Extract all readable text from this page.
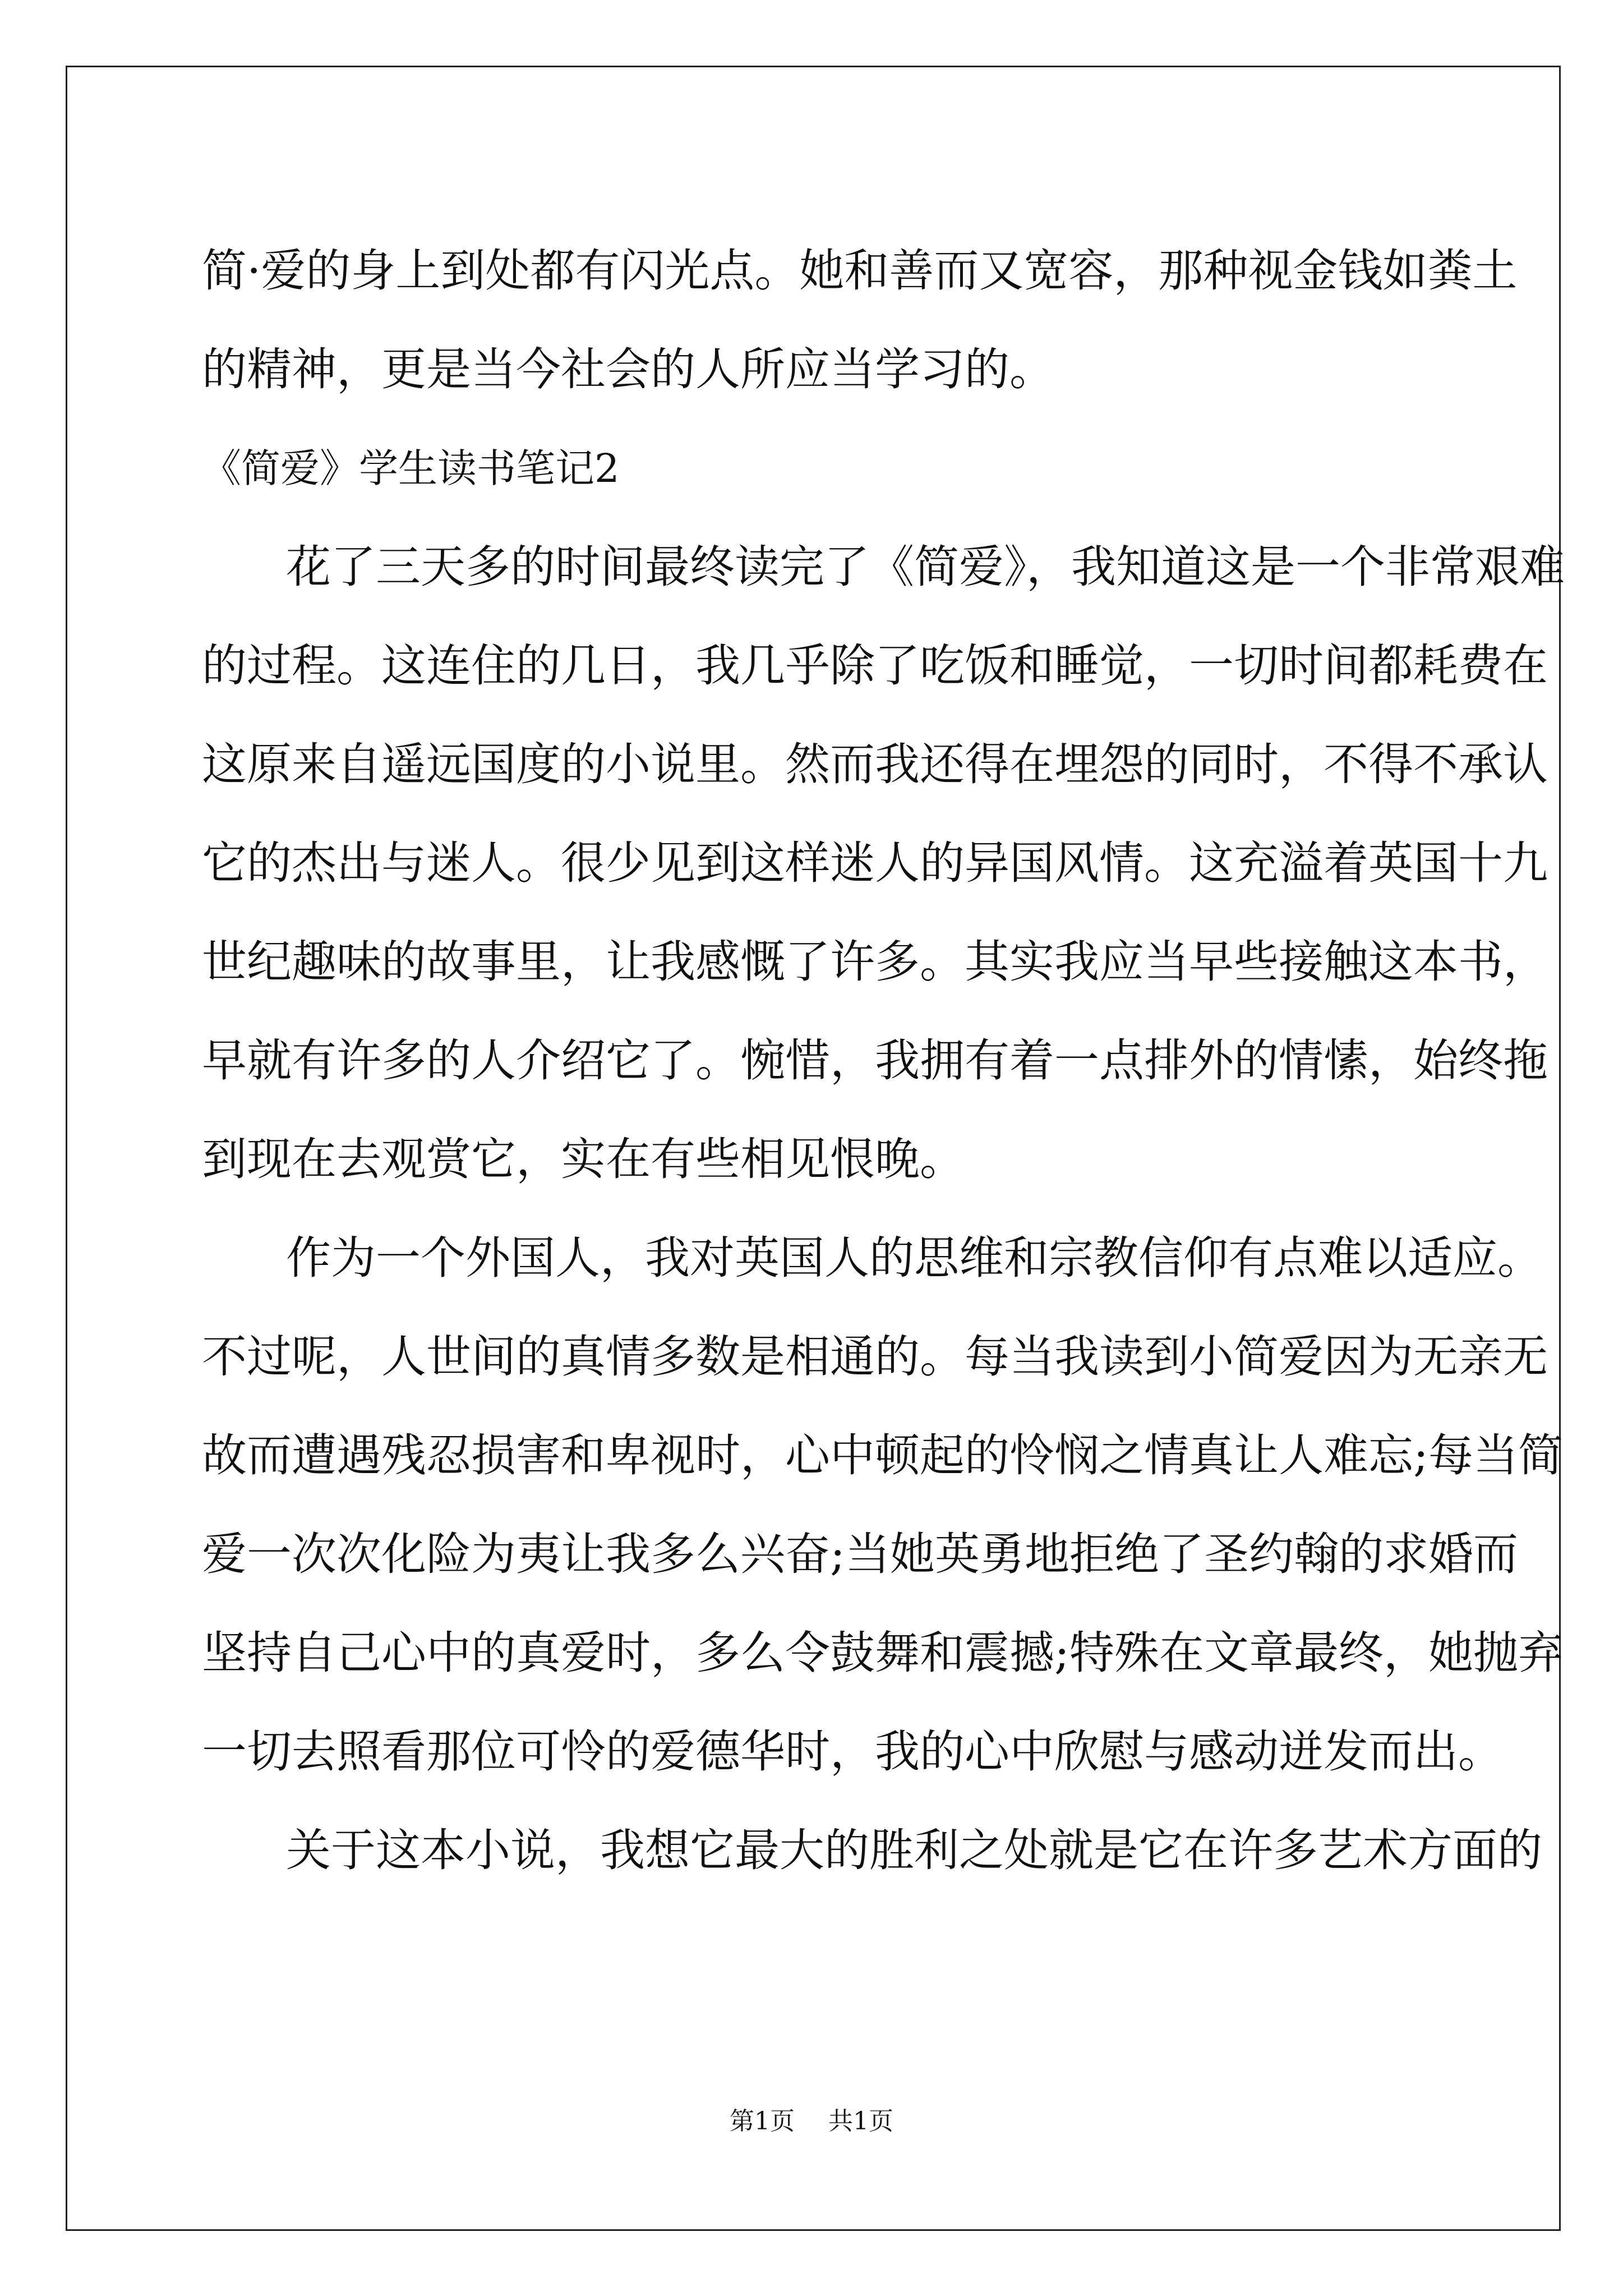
简·爱的身上到处都有闪光点。她和善而又宽容，那种视金钱如粪土
的精神，更是当今社会的人所应当学习的。
《简爱》学生读书笔记2
花了三天多的时间最终读完了《简爱》，我知道这是一个非常艰难
的过程。这连住的几日，我几乎除了吃饭和睡觉，一切时间都耗费在
这原来自遥远国度的小说里。然而我还得在埋怨的同时，不得不承认
它的杰出与迷人。很少见到这样迷人的异国风情。这充溢着英国十九
世纪趣味的故事里，让我感慨了许多。其实我应当早些接触这本书，
早就有许多的人介绍它了。惋惜，我拥有着一点排外的情愫，始终拖
到现在去观赏它，实在有些相见恨晚。
作为一个外国人，我对英国人的思维和宗教信仰有点难以适应。
不过呢，人世间的真情多数是相通的。每当我读到小简爱因为无亲无
故而遭遇残忍损害和卑视时，心中顿起的怜悯之情真让人难忘;每当简
爱一次次化险为夷让我多么兴奋;当她英勇地拒绝了圣约翰的求婚而
坚持自己心中的真爱时，多么令鼓舞和震撼;特殊在文章最终，她抛弃
一切去照看那位可怜的爱德华时，我的心中欣慰与感动迸发而出。
关于这本小说，我想它最大的胜利之处就是它在许多艺术方面的
第1页 共1页
